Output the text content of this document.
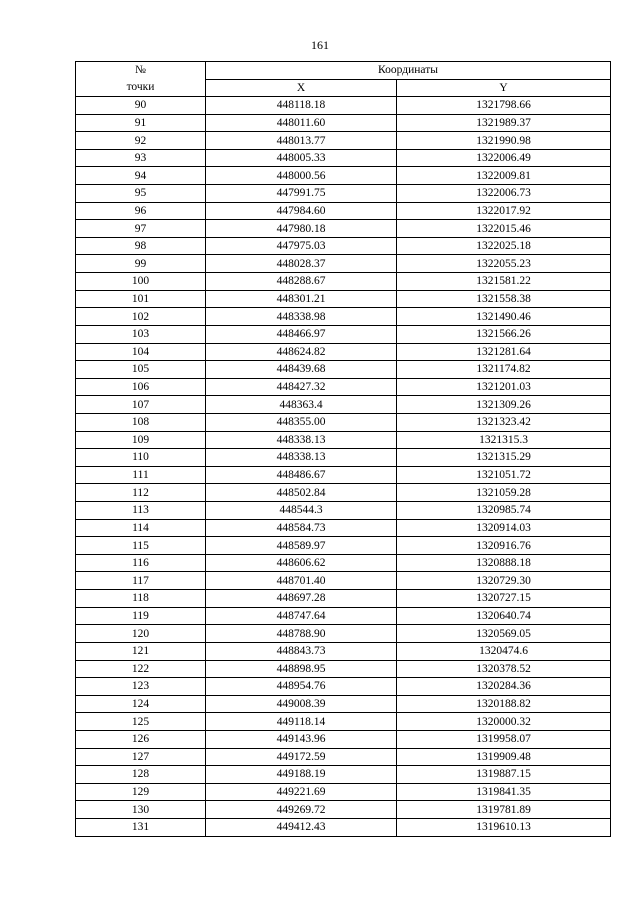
161
№
точки	Координаты	
	X	Y
90	448118.18	1321798.66
91	448011.60	1321989.37
92	448013.77	1321990.98
93	448005.33	1322006.49
94	448000.56	1322009.81
95	447991.75	1322006.73
96	447984.60	1322017.92
97	447980.18	1322015.46
98	447975.03	1322025.18
99	448028.37	1322055.23
100	448288.67	1321581.22
101	448301.21	1321558.38
102	448338.98	1321490.46
103	448466.97	1321566.26
104	448624.82	1321281.64
105	448439.68	1321174.82
106	448427.32	1321201.03
107	448363.4	1321309.26
108	448355.00	1321323.42
109	448338.13	1321315.3
110	448338.13	1321315.29
111	448486.67	1321051.72
112	448502.84	1321059.28
113	448544.3	1320985.74
114	448584.73	1320914.03
115	448589.97	1320916.76
116	448606.62	1320888.18
117	448701.40	1320729.30
118	448697.28	1320727.15
119	448747.64	1320640.74
120	448788.90	1320569.05
121	448843.73	1320474.6
122	448898.95	1320378.52
123	448954.76	1320284.36
124	449008.39	1320188.82
125	449118.14	1320000.32
126	449143.96	1319958.07
127	449172.59	1319909.48
128	449188.19	1319887.15
129	449221.69	1319841.35
130	449269.72	1319781.89
131	449412.43	1319610.13
